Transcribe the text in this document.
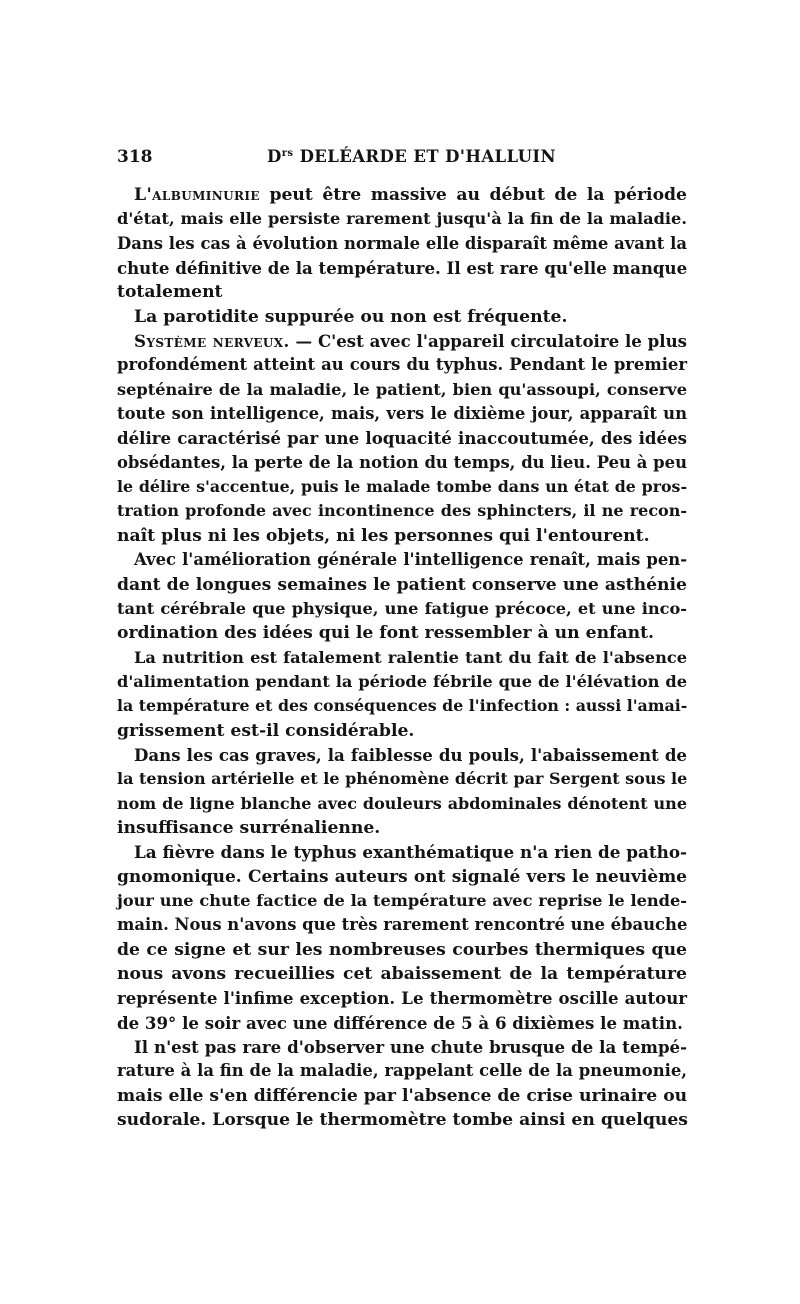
318	$D^{rs}$ DELÉARDE ET D'HALLUIN
L'albuminurie peut être massive au début de la période
d'état, mais elle persiste rarement jusqu'à la fin de la maladie.
Dans les cas à évolution normale elle disparaît même avant la
chute définitive de la température. Il est rare qu'elle manque
totalement
La parotidite suppurée ou non est fréquente.
Système nerveux. — C'est avec l'appareil circulatoire le plus
profondément atteint au cours du typhus. Pendant le premier
septénaire de la maladie, le patient, bien qu'assoupi, conserve
toute son intelligence, mais, vers le dixième jour, apparaît un
délire caractérisé par une loquacité inaccoutumée, des idées
obsédantes, la perte de la notion du temps, du lieu. Peu à peu
le délire s'accentue, puis le malade tombe dans un état de pros-
tration profonde avec incontinence des sphincters, il ne recon-
naît plus ni les objets, ni les personnes qui l'entourent.
Avec l'amélioration générale l'intelligence renaît, mais pen-
dant de longues semaines le patient conserve une asthénie
tant cérébrale que physique, une fatigue précoce, et une inco-
ordination des idées qui le font ressembler à un enfant.
La nutrition est fatalement ralentie tant du fait de l'absence
d'alimentation pendant la période fébrile que de l'élévation de
la température et des conséquences de l'infection : aussi l'amai-
grissement est-il considérable.
Dans les cas graves, la faiblesse du pouls, l'abaissement de
la tension artérielle et le phénomène décrit par Sergent sous le
nom de ligne blanche avec douleurs abdominales dénotent une
insuffisance surrénalienne.
La fièvre dans le typhus exanthématique n'a rien de patho-
gnomonique. Certains auteurs ont signalé vers le neuvième
jour une chute factice de la température avec reprise le lende-
main. Nous n'avons que très rarement rencontré une ébauche
de ce signe et sur les nombreuses courbes thermiques que
nous avons recueillies cet abaissement de la température
représente l'infime exception. Le thermomètre oscille autour
de 39° le soir avec une différence de 5 à 6 dixièmes le matin.
Il n'est pas rare d'observer une chute brusque de la tempé-
rature à la fin de la maladie, rappelant celle de la pneumonie,
mais elle s'en différencie par l'absence de crise urinaire ou
sudorale. Lorsque le thermomètre tombe ainsi en quelques
